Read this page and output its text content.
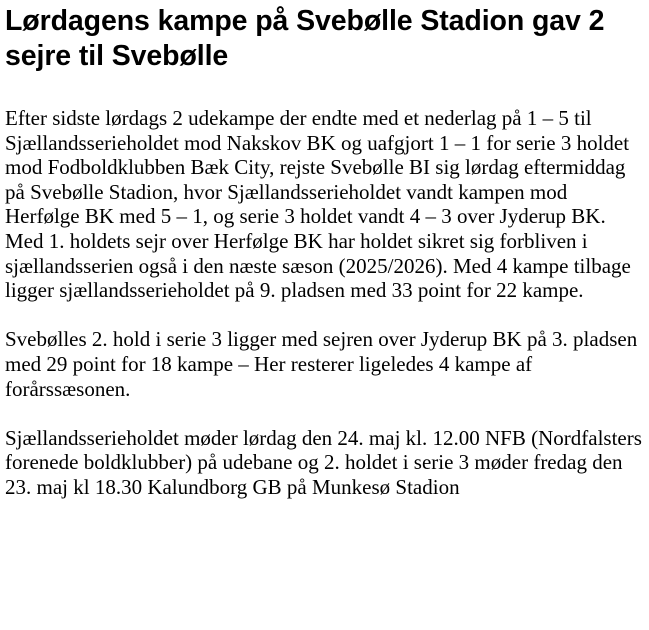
Lørdagens kampe på Svebølle Stadion gav 2 sejre til Svebølle

Efter sidste lørdags 2 udekampe der endte med et nederlag på 1 – 5 til Sjællandsserieholdet mod Nakskov BK og uafgjort 1 – 1 for serie 3 holdet mod Fodboldklubben Bæk City, rejste Svebølle BI sig lørdag eftermiddag på Svebølle Stadion, hvor Sjællandsserieholdet vandt kampen mod Herfølge BK med 5 – 1, og serie 3 holdet vandt 4 – 3 over Jyderup BK.

Med 1. holdets sejr over Herfølge BK har holdet sikret sig forbliven i sjællandsserien også i den næste sæson (2025/2026). Med 4 kampe tilbage ligger sjællandsserieholdet på 9. pladsen med 33 point for 22 kampe.

Svebølles 2. hold i serie 3 ligger med sejren over Jyderup BK på 3. pladsen med 29 point for 18 kampe – Her resterer ligeledes 4 kampe af forårssæsonen.

Sjællandsserieholdet møder lørdag den 24. maj kl. 12.00 NFB (Nordfalsters forenede boldklubber) på udebane og 2. holdet i serie 3 møder fredag den 23. maj kl 18.30 Kalundborg GB på Munkesø Stadion
